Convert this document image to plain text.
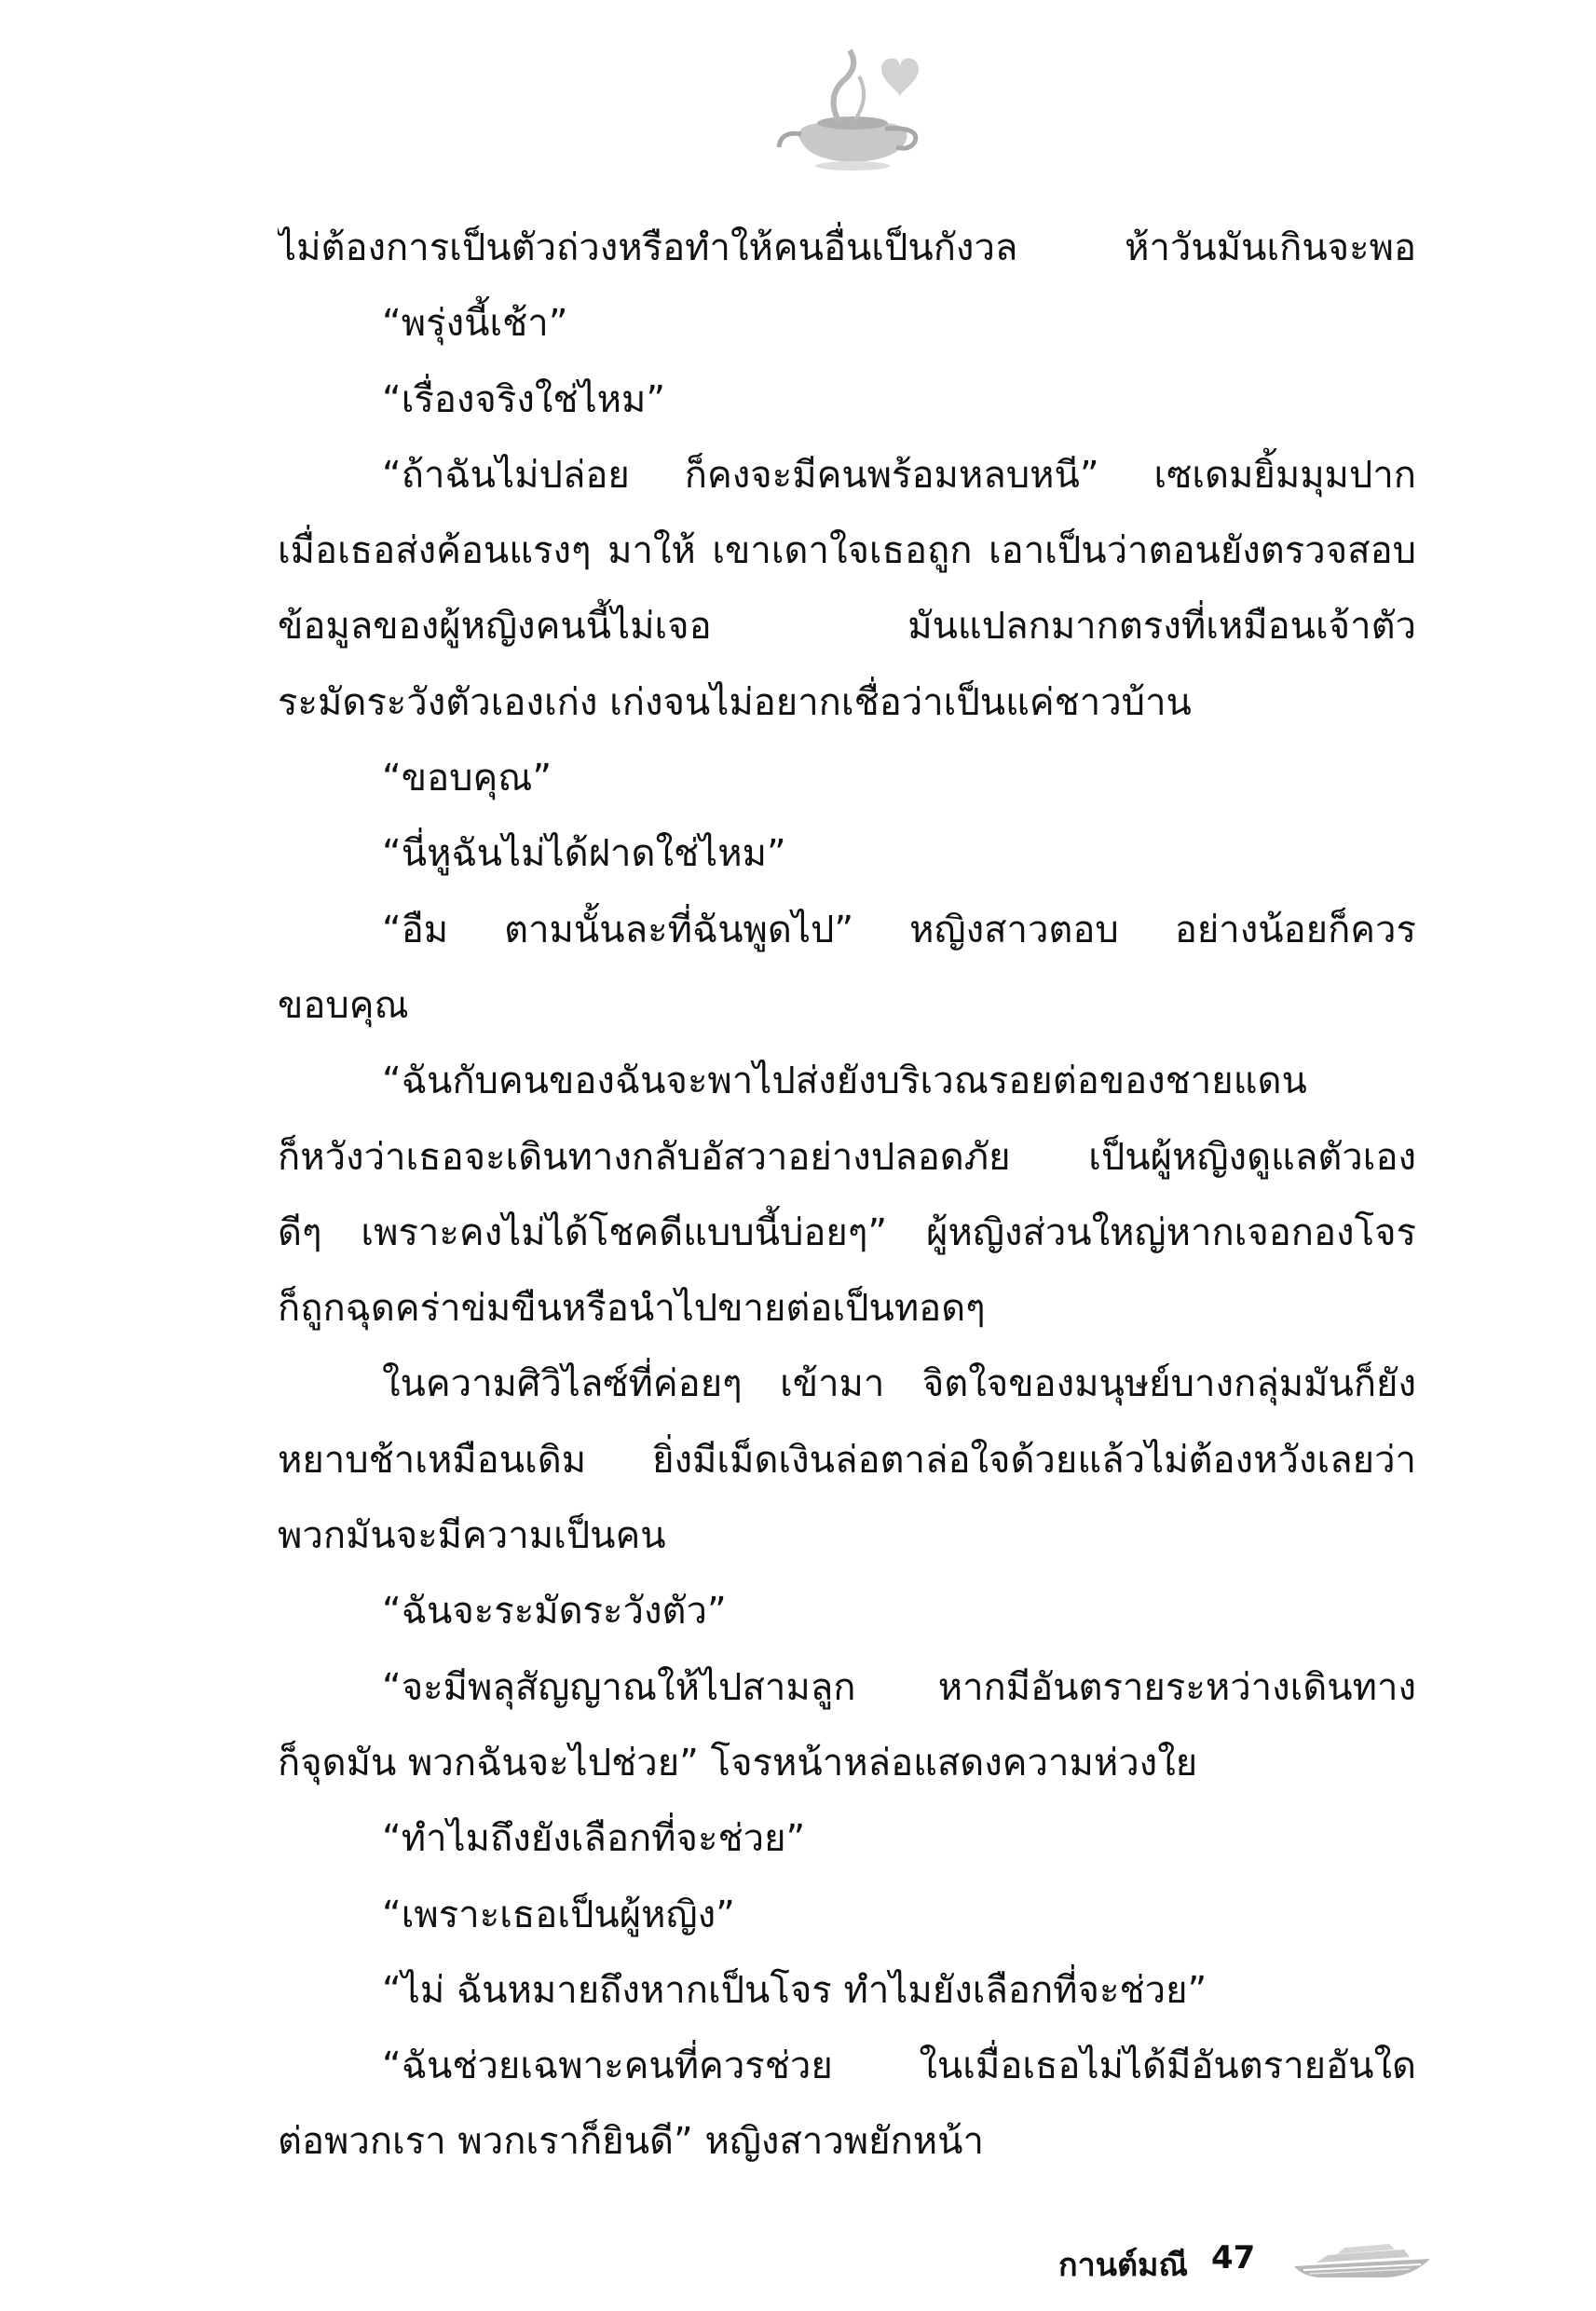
ไม่ต้องการเป็นตัวถ่วงหรือทำให้คนอื่นเป็นกังวล ห้าวันมันเกินจะพอ
“พรุ่งนี้เช้า”
“เรื่องจริงใช่ไหม”
“ถ้าฉันไม่ปล่อย ก็คงจะมีคนพร้อมหลบหนี” เซเดมยิ้มมุมปาก
เมื่อเธอส่งค้อนแรงๆ มาให้ เขาเดาใจเธอถูก เอาเป็นว่าตอนยังตรวจสอบ
ข้อมูลของผู้หญิงคนนี้ไม่เจอ มันแปลกมากตรงที่เหมือนเจ้าตัว
ระมัดระวังตัวเองเก่ง เก่งจนไม่อยากเชื่อว่าเป็นแค่ชาวบ้าน
“ขอบคุณ”
“นี่หูฉันไม่ได้ฝาดใช่ไหม”
“อืม ตามนั้นละที่ฉันพูดไป” หญิงสาวตอบ อย่างน้อยก็ควร
ขอบคุณ
“ฉันกับคนของฉันจะพาไปส่งยังบริเวณรอยต่อของชายแดน
ก็หวังว่าเธอจะเดินทางกลับอัสวาอย่างปลอดภัย เป็นผู้หญิงดูแลตัวเอง
ดีๆ เพราะคงไม่ได้โชคดีแบบนี้บ่อยๆ” ผู้หญิงส่วนใหญ่หากเจอกองโจร
ก็ถูกฉุดคร่าข่มขืนหรือนำไปขายต่อเป็นทอดๆ
ในความศิวิไลซ์ที่ค่อยๆ เข้ามา จิตใจของมนุษย์บางกลุ่มมันก็ยัง
หยาบช้าเหมือนเดิม ยิ่งมีเม็ดเงินล่อตาล่อใจด้วยแล้วไม่ต้องหวังเลยว่า
พวกมันจะมีความเป็นคน
“ฉันจะระมัดระวังตัว”
“จะมีพลุสัญญาณให้ไปสามลูก หากมีอันตรายระหว่างเดินทาง
ก็จุดมัน พวกฉันจะไปช่วย” โจรหน้าหล่อแสดงความห่วงใย
“ทำไมถึงยังเลือกที่จะช่วย”
“เพราะเธอเป็นผู้หญิง”
“ไม่ ฉันหมายถึงหากเป็นโจร ทำไมยังเลือกที่จะช่วย”
“ฉันช่วยเฉพาะคนที่ควรช่วย ในเมื่อเธอไม่ได้มีอันตรายอันใด
ต่อพวกเรา พวกเราก็ยินดี” หญิงสาวพยักหน้า
กานต์มณี 47
